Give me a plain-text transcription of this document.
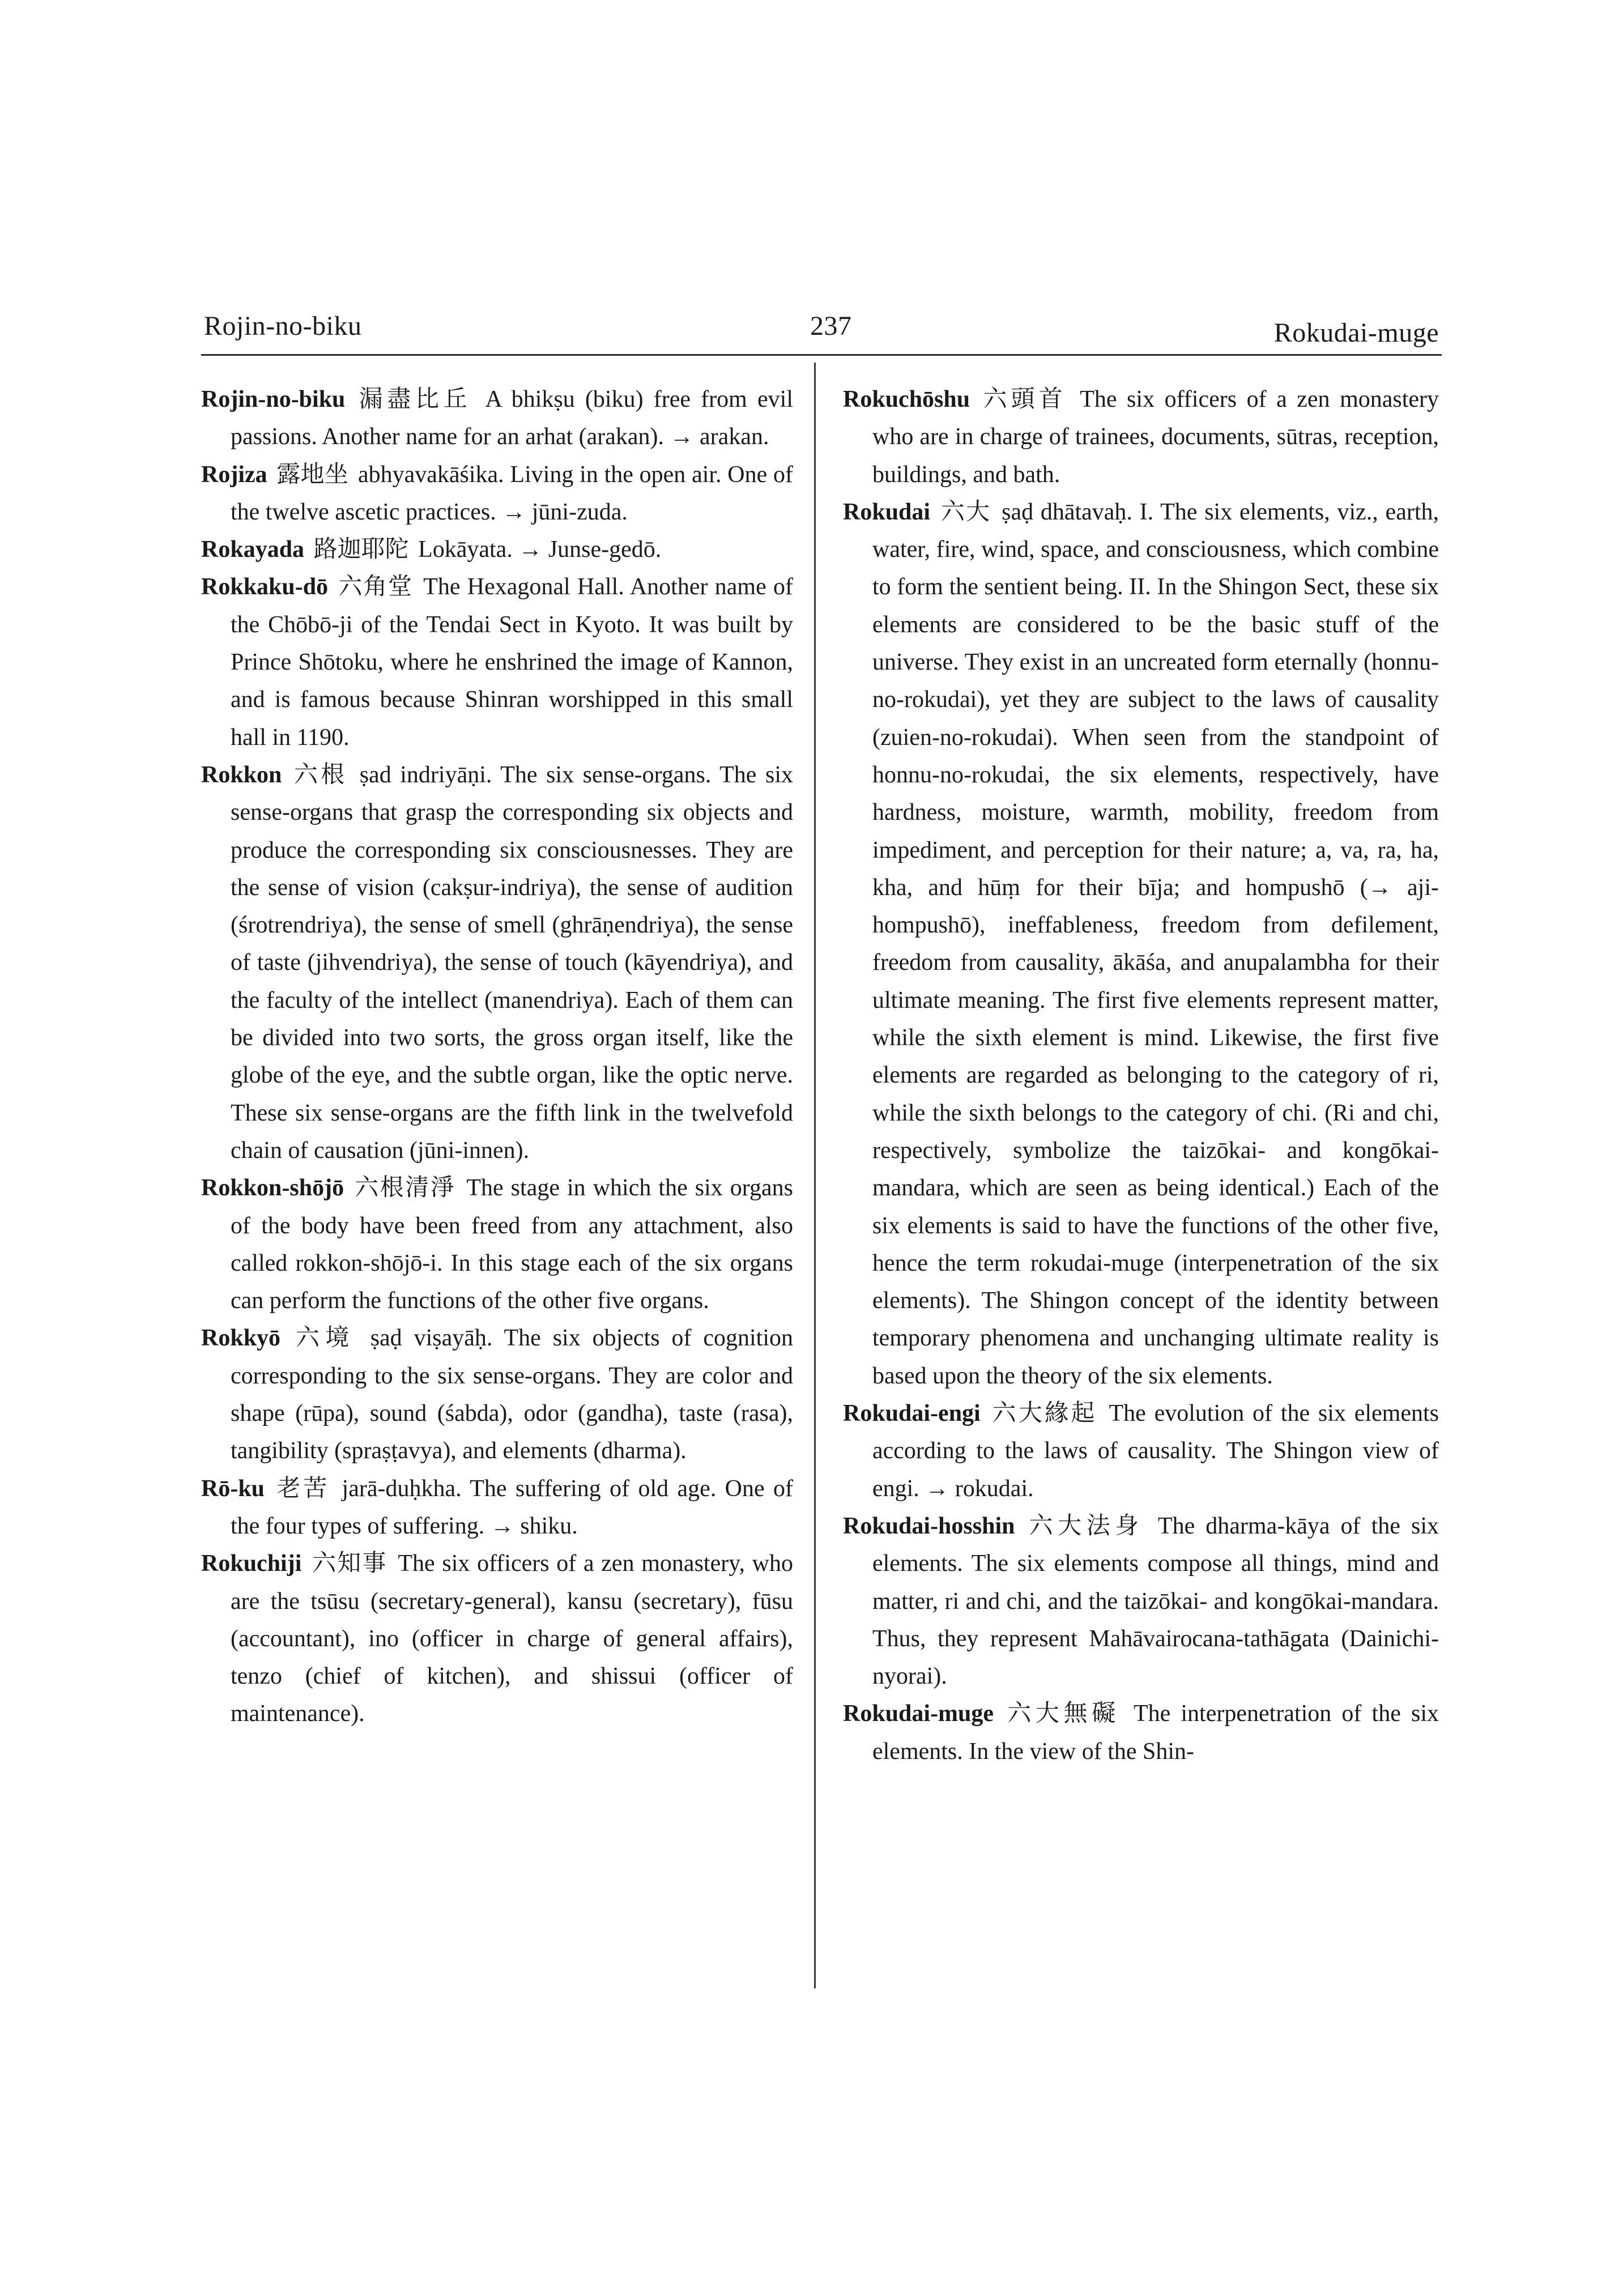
Rojin-no-biku	237	Rokudai-muge

Rojin-no-biku 漏盡比丘 A bhikṣu (biku) free from evil passions. Another name for an arhat (arakan). → arakan.

Rojiza 露地坐 abhyavakāśika. Living in the open air. One of the twelve ascetic practices. → jūni-zuda.

Rokayada 路迦耶陀 Lokāyata. → Junse-gedō.

Rokkaku-dō 六角堂 The Hexagonal Hall. Another name of the Chōbō-ji of the Tendai Sect in Kyoto. It was built by Prince Shōtoku, where he enshrined the image of Kannon, and is famous because Shinran worshipped in this small hall in 1190.

Rokkon 六根 ṣad indriyāṇi. The six sense-organs. The six sense-organs that grasp the corresponding six objects and produce the corresponding six consciousnesses. They are the sense of vision (cakṣur-indriya), the sense of audition (śrotrendriya), the sense of smell (ghrāṇendriya), the sense of taste (jihvendriya), the sense of touch (kāyendriya), and the faculty of the intellect (manendriya). Each of them can be divided into two sorts, the gross organ itself, like the globe of the eye, and the subtle organ, like the optic nerve. These six sense-organs are the fifth link in the twelvefold chain of causation (jūni-innen).

Rokkon-shōjō 六根清淨 The stage in which the six organs of the body have been freed from any attachment, also called rokkon-shōjō-i. In this stage each of the six organs can perform the functions of the other five organs.

Rokkyō 六境 ṣaḍ viṣayāḥ. The six objects of cognition corresponding to the six sense-organs. They are color and shape (rūpa), sound (śabda), odor (gandha), taste (rasa), tangibility (spraṣṭavya), and elements (dharma).

Rō-ku 老苦 jarā-duḥkha. The suffering of old age. One of the four types of suffering. → shiku.

Rokuchiji 六知事 The six officers of a zen monastery, who are the tsūsu (secretary-general), kansu (secretary), fūsu (accountant), ino (officer in charge of general affairs), tenzo (chief of kitchen), and shissui (officer of maintenance).

Rokuchōshu 六頭首 The six officers of a zen monastery who are in charge of trainees, documents, sūtras, reception, buildings, and bath.

Rokudai 六大 ṣaḍ dhātavaḥ. I. The six elements, viz., earth, water, fire, wind, space, and consciousness, which combine to form the sentient being. II. In the Shingon Sect, these six elements are considered to be the basic stuff of the universe. They exist in an uncreated form eternally (honnu-no-rokudai), yet they are subject to the laws of causality (zuien-no-rokudai). When seen from the standpoint of honnu-no-rokudai, the six elements, respectively, have hardness, moisture, warmth, mobility, freedom from impediment, and perception for their nature; a, va, ra, ha, kha, and hūṃ for their bīja; and hompushō (→ aji-hompushō), ineffableness, freedom from defilement, freedom from causality, ākāśa, and anupalambha for their ultimate meaning. The first five elements represent matter, while the sixth element is mind. Likewise, the first five elements are regarded as belonging to the category of ri, while the sixth belongs to the category of chi. (Ri and chi, respectively, symbolize the taizōkai- and kongōkai-mandara, which are seen as being identical.) Each of the six elements is said to have the functions of the other five, hence the term rokudai-muge (interpenetration of the six elements). The Shingon concept of the identity between temporary phenomena and unchanging ultimate reality is based upon the theory of the six elements.

Rokudai-engi 六大緣起 The evolution of the six elements according to the laws of causality. The Shingon view of engi. → rokudai.

Rokudai-hosshin 六大法身 The dharma-kāya of the six elements. The six elements compose all things, mind and matter, ri and chi, and the taizōkai- and kongōkai-mandara. Thus, they represent Mahāvairocana-tathāgata (Dainichi-nyorai).

Rokudai-muge 六大無礙 The interpenetration of the six elements. In the view of the Shin-
